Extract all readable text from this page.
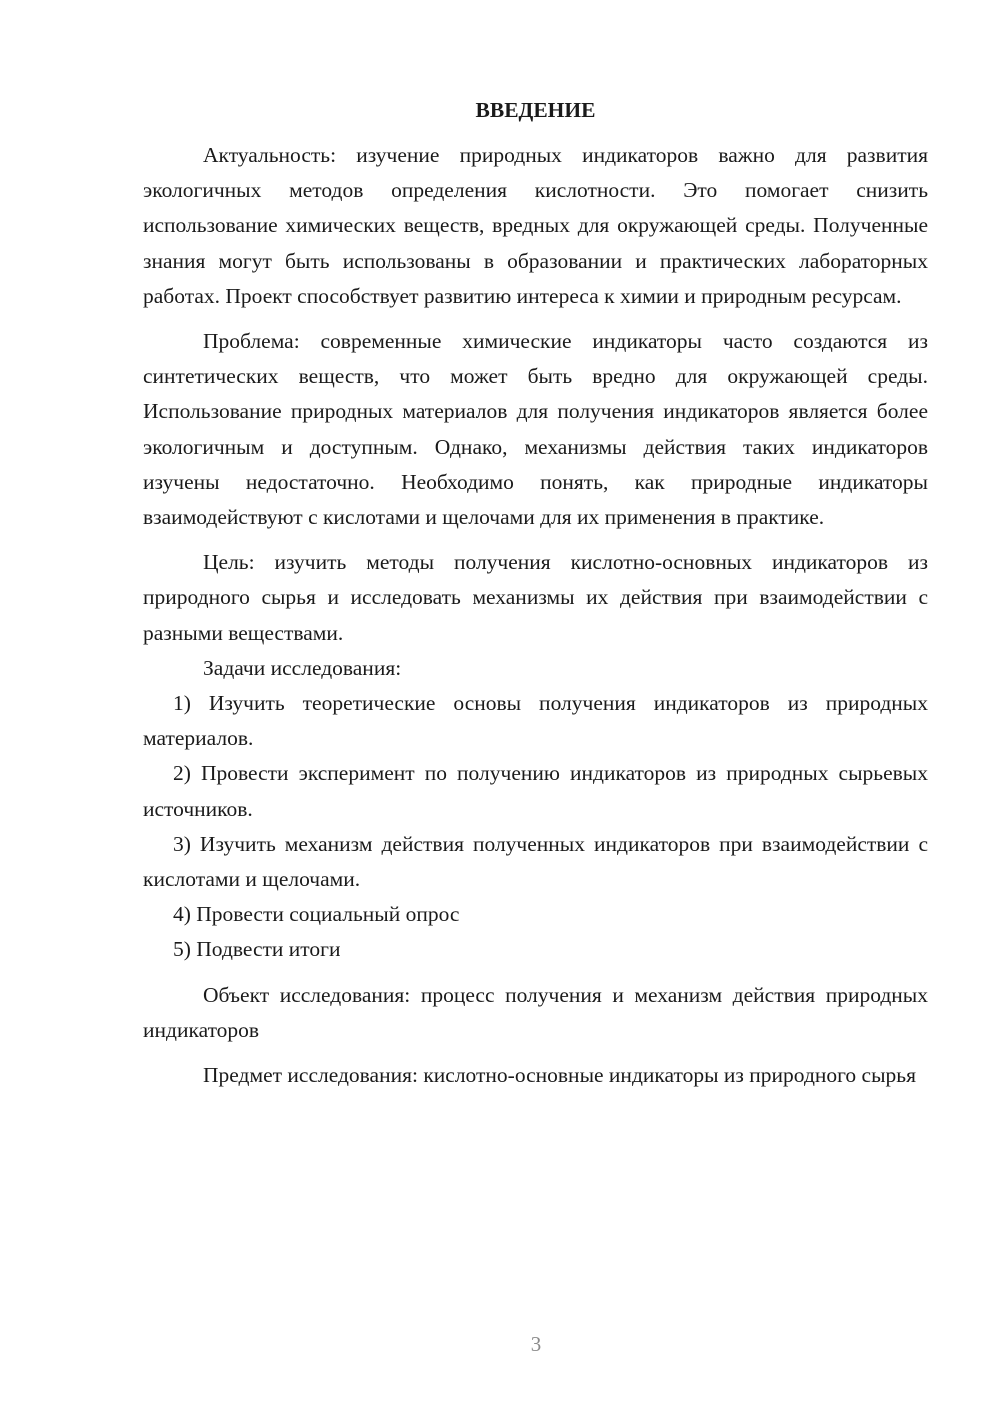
ВВЕДЕНИЕ

Актуальность: изучение природных индикаторов важно для развития экологичных методов определения кислотности. Это помогает снизить использование химических веществ, вредных для окружающей среды. Полученные знания могут быть использованы в образовании и практических лабораторных работах. Проект способствует развитию интереса к химии и природным ресурсам.

Проблема: современные химические индикаторы часто создаются из синтетических веществ, что может быть вредно для окружающей среды. Использование природных материалов для получения индикаторов является более экологичным и доступным. Однако, механизмы действия таких индикаторов изучены недостаточно. Необходимо понять, как природные индикаторы взаимодействуют с кислотами и щелочами для их применения в практике.

Цель: изучить методы получения кислотно-основных индикаторов из природного сырья и исследовать механизмы их действия при взаимодействии с разными веществами.

Задачи исследования:

1) Изучить теоретические основы получения индикаторов из природных материалов.

2) Провести эксперимент по получению индикаторов из природных сырьевых источников.

3) Изучить механизм действия полученных индикаторов при взаимодействии с кислотами и щелочами.

4) Провести социальный опрос

5) Подвести итоги

Объект исследования: процесс получения и механизм действия природных индикаторов

Предмет исследования: кислотно-основные индикаторы из природного сырья

3
